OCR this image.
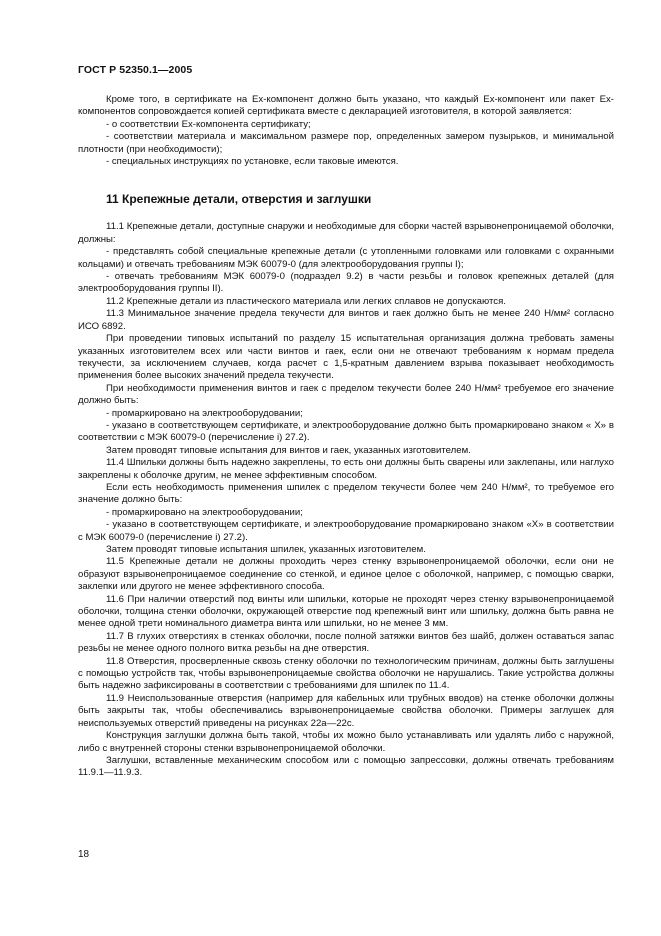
ГОСТ Р 52350.1—2005

Кроме того, в сертификате на Ex-компонент должно быть указано, что каждый Ex-компонент или пакет Ex-компонентов сопровождается копией сертификата вместе с декларацией изготовителя, в которой заявляется:

- о соответствии Ex-компонента сертификату;

- соответствии материала и максимальном размере пор, определенных замером пузырьков, и минимальной плотности (при необходимости);

- специальных инструкциях по установке, если таковые имеются.

11 Крепежные детали, отверстия и заглушки

11.1 Крепежные детали, доступные снаружи и необходимые для сборки частей взрывонепроницаемой оболочки, должны:

- представлять собой специальные крепежные детали (с утопленными головками или головками с охранными кольцами) и отвечать требованиям МЭК 60079-0 (для электрооборудования группы I);

- отвечать требованиям МЭК 60079-0 (подраздел 9.2) в части резьбы и головок крепежных деталей (для электрооборудования группы II).

11.2 Крепежные детали из пластического материала или легких сплавов не допускаются.

11.3 Минимальное значение предела текучести для винтов и гаек должно быть не менее 240 Н/мм² согласно ИСО 6892.

При проведении типовых испытаний по разделу 15 испытательная организация должна требовать замены указанных изготовителем всех или части винтов и гаек, если они не отвечают требованиям к нормам предела текучести, за исключением случаев, когда расчет с 1,5-кратным давлением взрыва показывает необходимость применения более высоких значений предела текучести.

При необходимости применения винтов и гаек с пределом текучести более 240 Н/мм² требуемое его значение должно быть:

- промаркировано на электрооборудовании;

- указано в соответствующем сертификате, и электрооборудование должно быть промаркировано знаком « X» в соответствии с МЭК 60079-0 (перечисление i) 27.2).

Затем проводят типовые испытания для винтов и гаек, указанных изготовителем.

11.4 Шпильки должны быть надежно закреплены, то есть они должны быть сварены или заклепаны, или наглухо закреплены к оболочке другим, не менее эффективным способом.

Если есть необходимость применения шпилек с пределом текучести более чем 240 Н/мм², то требуемое его значение должно быть:

- промаркировано на электрооборудовании;

- указано в соответствующем сертификате, и электрооборудование промаркировано знаком «X» в соответствии с МЭК 60079-0 (перечисление i) 27.2).

Затем проводят типовые испытания шпилек, указанных изготовителем.

11.5 Крепежные детали не должны проходить через стенку взрывонепроницаемой оболочки, если они не образуют взрывонепроницаемое соединение со стенкой, и единое целое с оболочкой, например, с помощью сварки, заклепки или другого не менее эффективного способа.

11.6 При наличии отверстий под винты или шпильки, которые не проходят через стенку взрывонепроницаемой оболочки, толщина стенки оболочки, окружающей отверстие под крепежный винт или шпильку, должна быть равна не менее одной трети номинального диаметра винта или шпильки, но не менее 3 мм.

11.7 В глухих отверстиях в стенках оболочки, после полной затяжки винтов без шайб, должен оставаться запас резьбы не менее одного полного витка резьбы на дне отверстия.

11.8 Отверстия, просверленные сквозь стенку оболочки по технологическим причинам, должны быть заглушены с помощью устройств так, чтобы взрывонепроницаемые свойства оболочки не нарушались. Такие устройства должны быть надежно зафиксированы в соответствии с требованиями для шпилек по 11.4.

11.9 Неиспользованные отверстия (например для кабельных или трубных вводов) на стенке оболочки должны быть закрыты так, чтобы обеспечивались взрывонепроницаемые свойства оболочки. Примеры заглушек для неиспользуемых отверстий приведены на рисунках 22а—22с.

Конструкция заглушки должна быть такой, чтобы их можно было устанавливать или удалять либо с наружной, либо с внутренней стороны стенки взрывонепроницаемой оболочки.

Заглушки, вставленные механическим способом или с помощью запрессовки, должны отвечать требованиям 11.9.1—11.9.3.

18
